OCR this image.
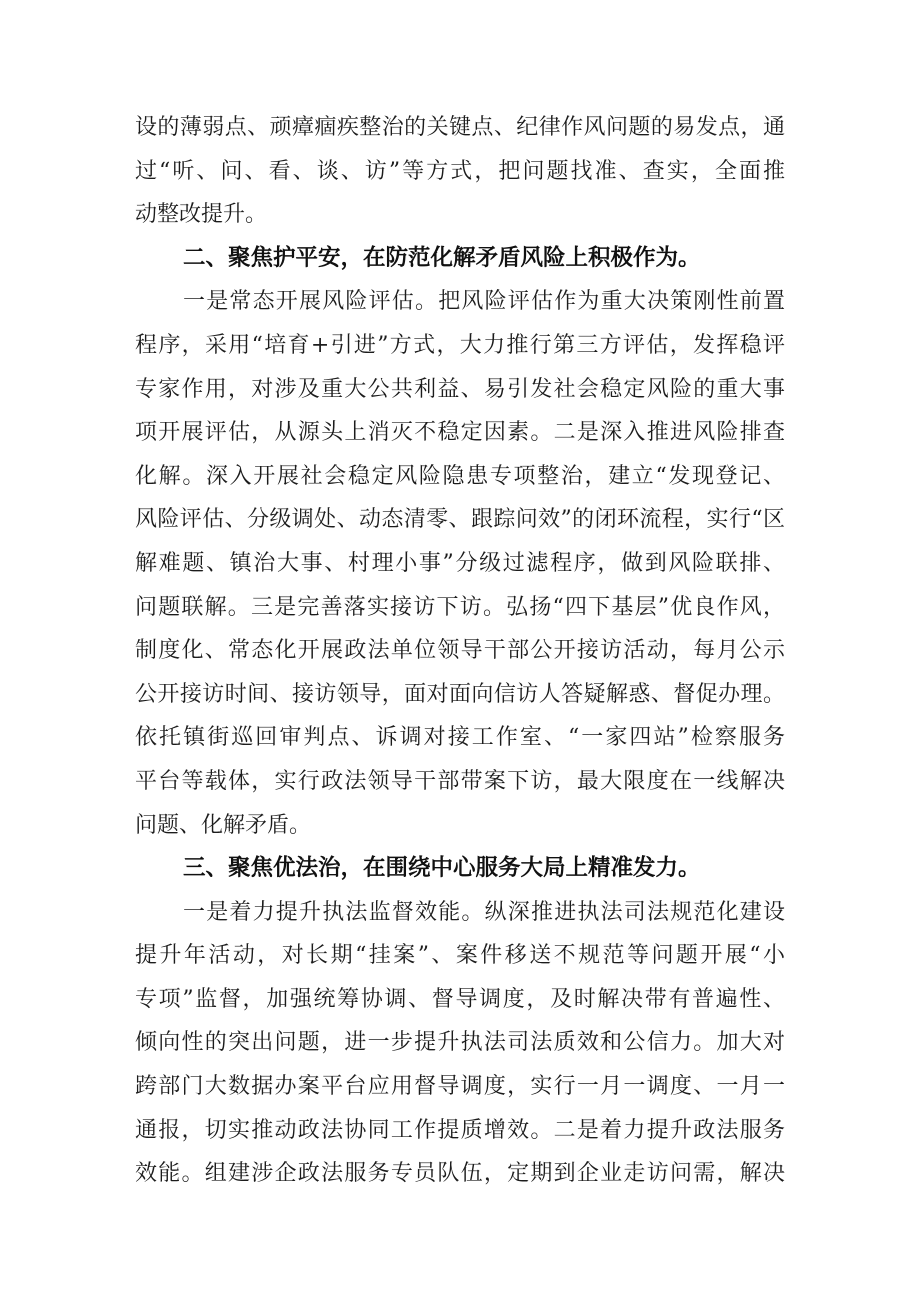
设的薄弱点、顽瘴痼疾整治的关键点、纪律作风问题的易发点，通
过“听、问、看、谈、访”等方式，把问题找准、查实，全面推
动整改提升。
二、聚焦护平安，在防范化解矛盾风险上积极作为。
一是常态开展风险评估。把风险评估作为重大决策刚性前置
程序，采用“培育+引进”方式，大力推行第三方评估，发挥稳评
专家作用，对涉及重大公共利益、易引发社会稳定风险的重大事
项开展评估，从源头上消灭不稳定因素。二是深入推进风险排查
化解。深入开展社会稳定风险隐患专项整治，建立“发现登记、
风险评估、分级调处、动态清零、跟踪问效”的闭环流程，实行“区
解难题、镇治大事、村理小事”分级过滤程序，做到风险联排、
问题联解。三是完善落实接访下访。弘扬“四下基层”优良作风，
制度化、常态化开展政法单位领导干部公开接访活动，每月公示
公开接访时间、接访领导，面对面向信访人答疑解惑、督促办理。
依托镇街巡回审判点、诉调对接工作室、“一家四站”检察服务
平台等载体，实行政法领导干部带案下访，最大限度在一线解决
问题、化解矛盾。
三、聚焦优法治，在围绕中心服务大局上精准发力。
一是着力提升执法监督效能。纵深推进执法司法规范化建设
提升年活动，对长期“挂案”、案件移送不规范等问题开展“小
专项”监督，加强统筹协调、督导调度，及时解决带有普遍性、
倾向性的突出问题，进一步提升执法司法质效和公信力。加大对
跨部门大数据办案平台应用督导调度，实行一月一调度、一月一
通报，切实推动政法协同工作提质增效。二是着力提升政法服务
效能。组建涉企政法服务专员队伍，定期到企业走访问需，解决
